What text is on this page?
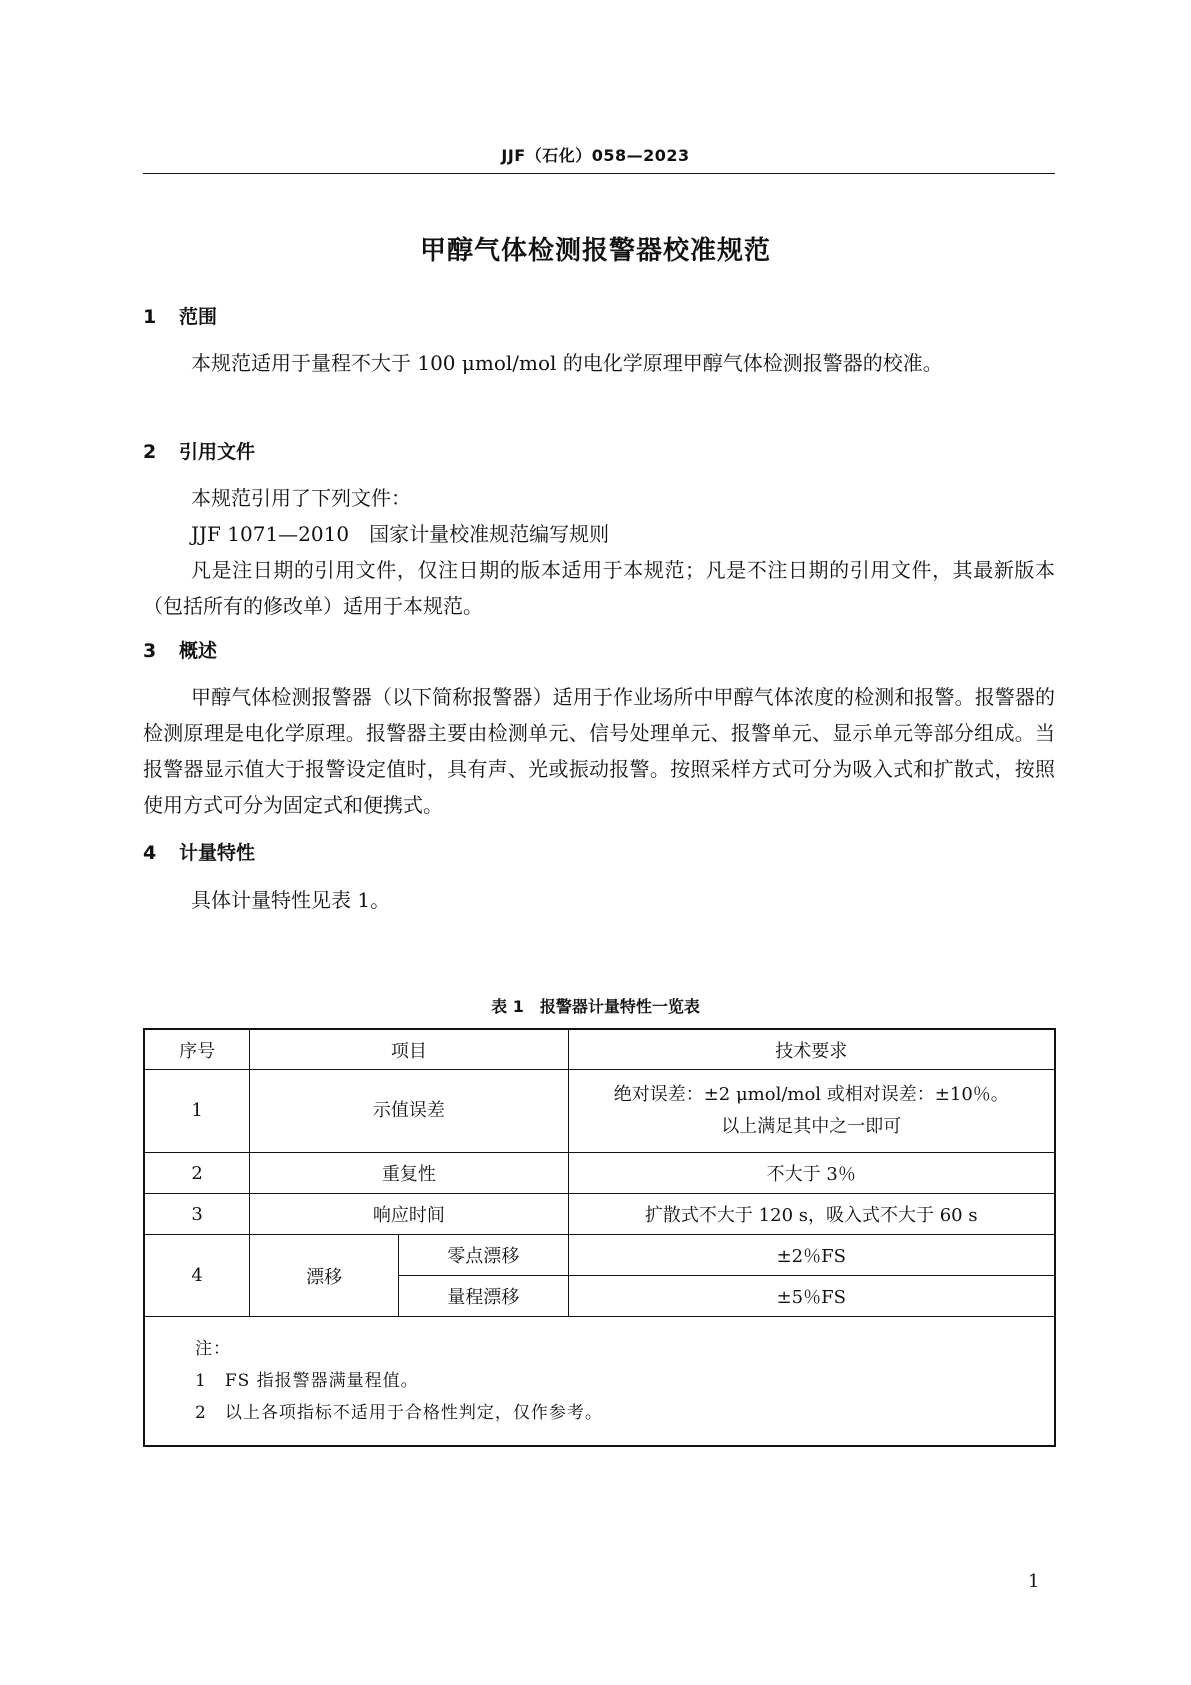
JJF（石化）058—2023
甲醇气体检测报警器校准规范
1 范围

本规范适用于量程不大于 100 μmol/mol 的电化学原理甲醇气体检测报警器的校准。

2 引用文件

本规范引用了下列文件：

JJF 1071—2010　国家计量校准规范编写规则

凡是注日期的引用文件，仅注日期的版本适用于本规范；凡是不注日期的引用文件，其最新版本（包括所有的修改单）适用于本规范。

3 概述

甲醇气体检测报警器（以下简称报警器）适用于作业场所中甲醇气体浓度的检测和报警。报警器的检测原理是电化学原理。报警器主要由检测单元、信号处理单元、报警单元、显示单元等部分组成。当报警器显示值大于报警设定值时，具有声、光或振动报警。按照采样方式可分为吸入式和扩散式，按照使用方式可分为固定式和便携式。

4 计量特性

具体计量特性见表 1。

表 1　报警器计量特性一览表
序号	项目		技术要求
1	示值误差		绝对误差：±2 μmol/mol 或相对误差：±10％。
以上满足其中之一即可

2	重复性		不大于 3％
3	响应时间		扩散式不大于 120 s，吸入式不大于 60 s
4	漂移	零点漂移	±2％FS
		量程漂移	±5％FS

注：
1　FS 指报警器满量程值。
2　以上各项指标不适用于合格性判定，仅作参考。			
1
